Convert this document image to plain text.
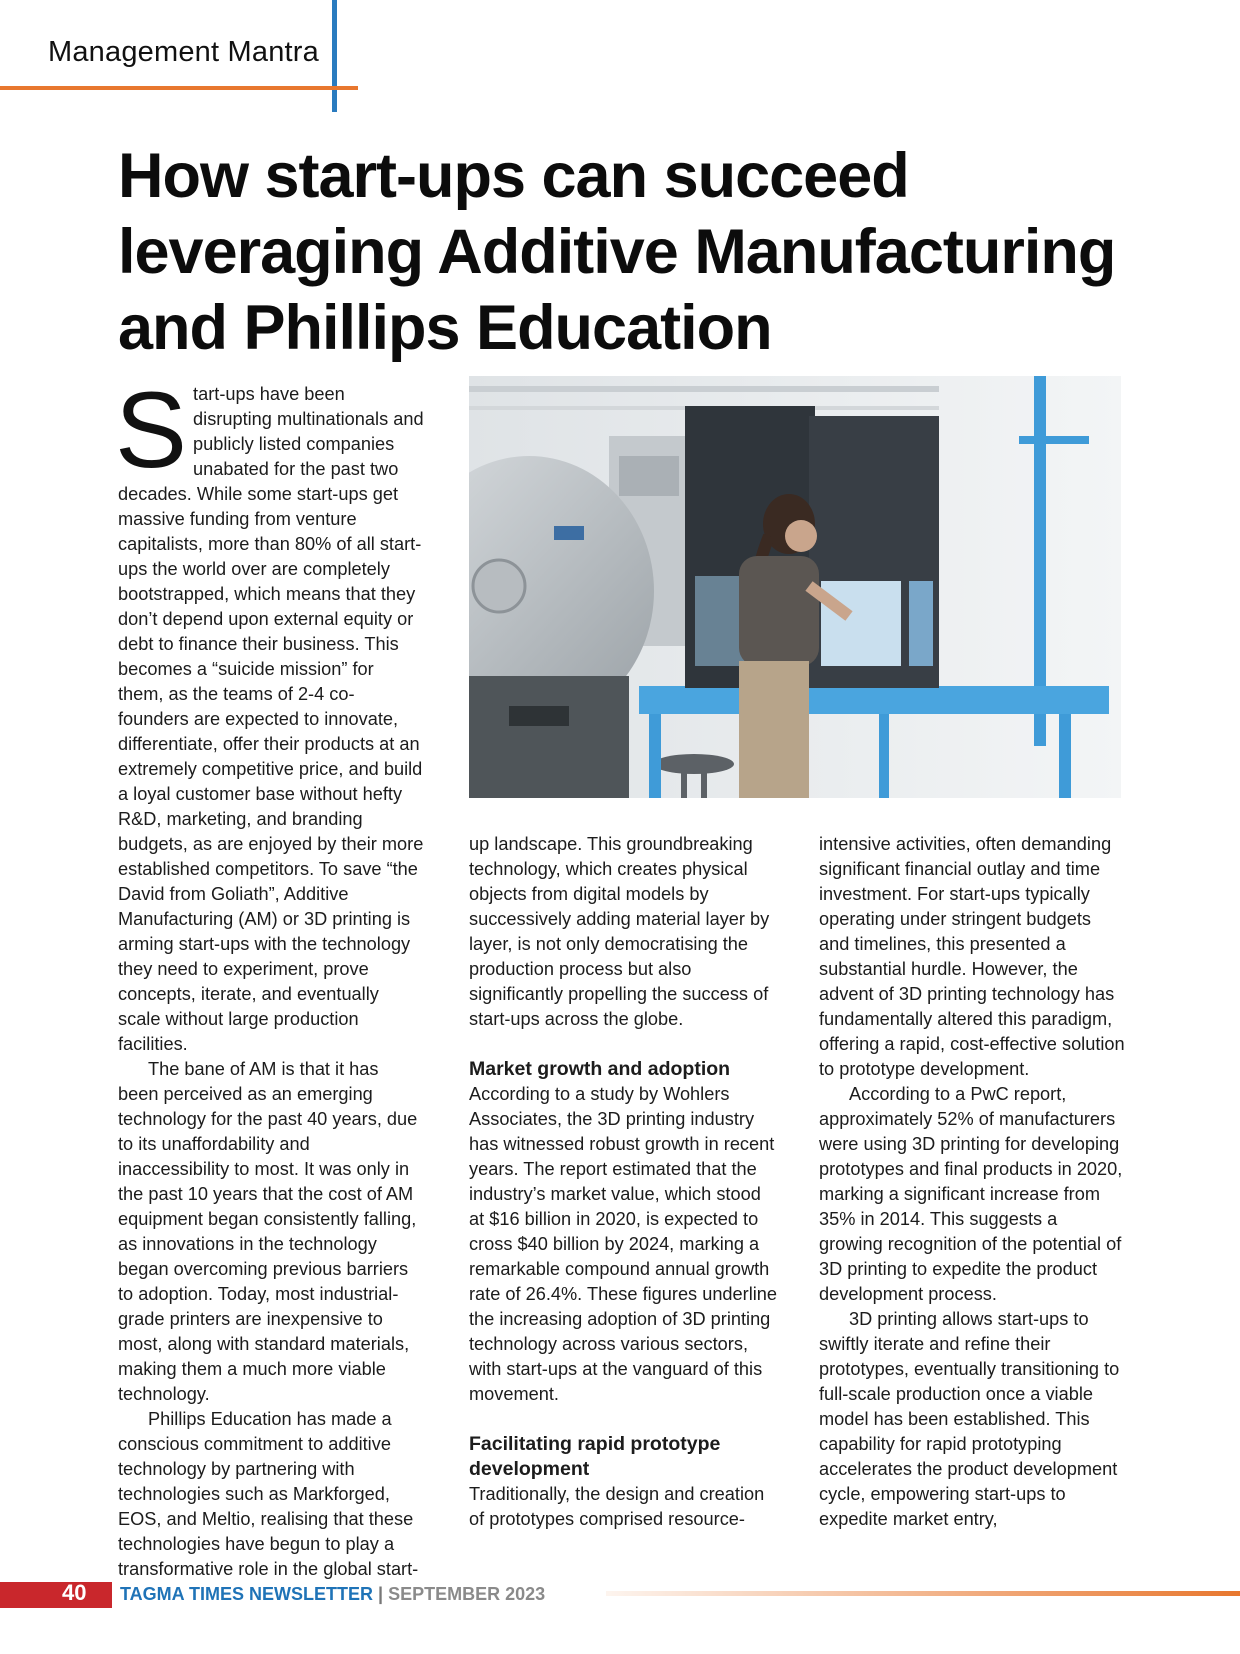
Management Mantra
How start-ups can succeed leveraging Additive Manufacturing and Phillips Education
S tart-ups have been disrupting multinationals and publicly listed companies unabated for the past two decades. While some start-ups get massive funding from venture capitalists, more than 80% of all start-ups the world over are completely bootstrapped, which means that they don’t depend upon external equity or debt to finance their business. This becomes a “suicide mission” for them, as the teams of 2-4 co-founders are expected to innovate, differentiate, offer their products at an extremely competitive price, and build a loyal customer base without hefty R&D, marketing, and branding budgets, as are enjoyed by their more established competitors. To save “the David from Goliath”, Additive Manufacturing (AM) or 3D printing is arming start-ups with the technology they need to experiment, prove concepts, iterate, and eventually scale without large production facilities.

The bane of AM is that it has been perceived as an emerging technology for the past 40 years, due to its unaffordability and inaccessibility to most. It was only in the past 10 years that the cost of AM equipment began consistently falling, as innovations in the technology began overcoming previous barriers to adoption. Today, most industrial-grade printers are inexpensive to most, along with standard materials, making them a much more viable technology.

Phillips Education has made a conscious commitment to additive technology by partnering with technologies such as Markforged, EOS, and Meltio, realising that these technologies have begun to play a transformative role in the global start-

up landscape. This groundbreaking technology, which creates physical objects from digital models by successively adding material layer by layer, is not only democratising the production process but also significantly propelling the success of start-ups across the globe.

Market growth and adoption

According to a study by Wohlers Associates, the 3D printing industry has witnessed robust growth in recent years. The report estimated that the industry’s market value, which stood at $16 billion in 2020, is expected to cross $40 billion by 2024, marking a remarkable compound annual growth rate of 26.4%. These figures underline the increasing adoption of 3D printing technology across various sectors, with start-ups at the vanguard of this movement.

Facilitating rapid prototype development

Traditionally, the design and creation of prototypes comprised resource-

intensive activities, often demanding significant financial outlay and time investment. For start-ups typically operating under stringent budgets and timelines, this presented a substantial hurdle. However, the advent of 3D printing technology has fundamentally altered this paradigm, offering a rapid, cost-effective solution to prototype development.

According to a PwC report, approximately 52% of manufacturers were using 3D printing for developing prototypes and final products in 2020, marking a significant increase from 35% in 2014. This suggests a growing recognition of the potential of 3D printing to expedite the product development process.

3D printing allows start-ups to swiftly iterate and refine their prototypes, eventually transitioning to full-scale production once a viable model has been established. This capability for rapid prototyping accelerates the product development cycle, empowering start-ups to expedite market entry,

40 TAGMA TIMES NEWSLETTER | SEPTEMBER 2023
